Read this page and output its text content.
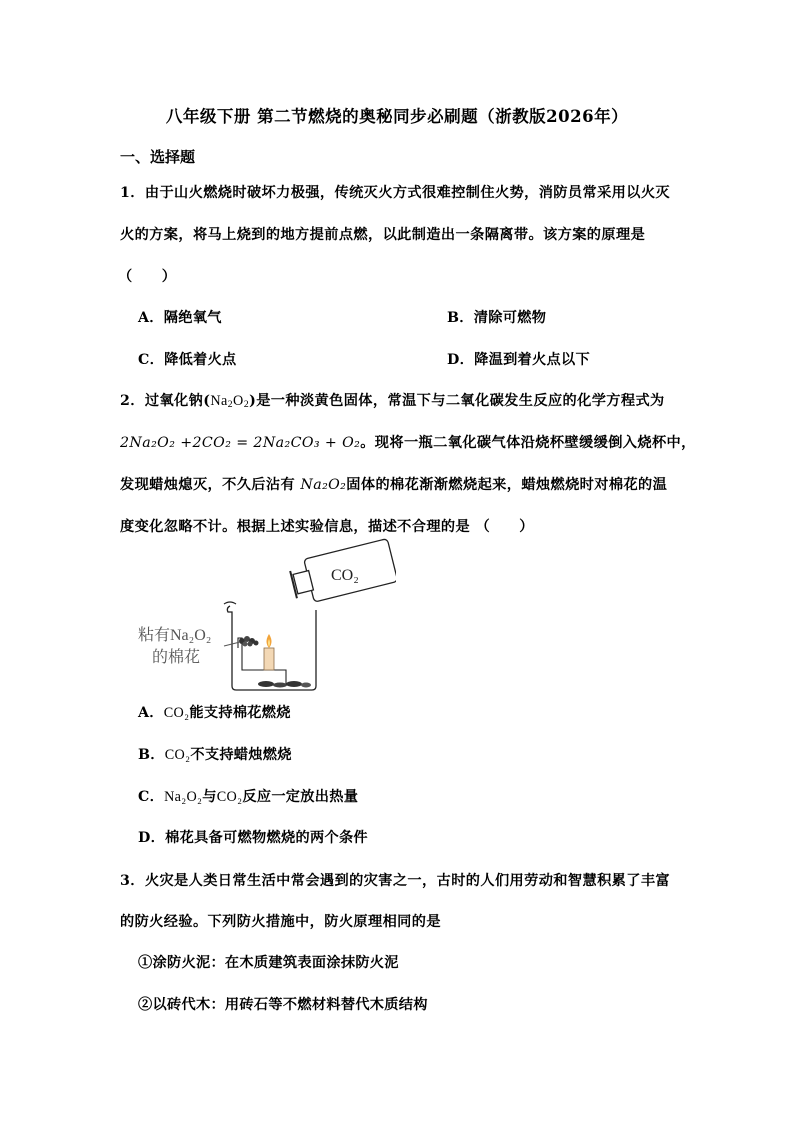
八年级下册 第二节燃烧的奥秘同步必刷题（浙教版2026年）
一、选择题
1．由于山火燃烧时破坏力极强，传统灭火方式很难控制住火势，消防员常采用以火灭
火的方案，将马上烧到的地方提前点燃，以此制造出一条隔离带。该方案的原理是
（　　）
A．隔绝氧气	B．清除可燃物
C．降低着火点	D．降温到着火点以下
2．过氧化钠$(Na_2O_2)$是一种淡黄色固体，常温下与二氧化碳发生反应的化学方程式为
2Na₂O₂ +2CO₂ = 2Na₂CO₃ + O₂。现将一瓶二氧化碳气体沿烧杯壁缓缓倒入烧杯中，
发现蜡烛熄灭，不久后沾有 Na₂O₂固体的棉花渐渐燃烧起来，蜡烛燃烧时对棉花的温
度变化忽略不计。根据上述实验信息，描述不合理的是 （　　）
CO₂
粘有Na₂O₂
的棉花
A．CO₂能支持棉花燃烧
B．CO₂不支持蜡烛燃烧
C．Na₂O₂与CO₂反应一定放出热量
D．棉花具备可燃物燃烧的两个条件
3．火灾是人类日常生活中常会遇到的灾害之一，古时的人们用劳动和智慧积累了丰富
的防火经验。下列防火措施中，防火原理相同的是
①涂防火泥：在木质建筑表面涂抹防火泥
②以砖代木：用砖石等不燃材料替代木质结构
